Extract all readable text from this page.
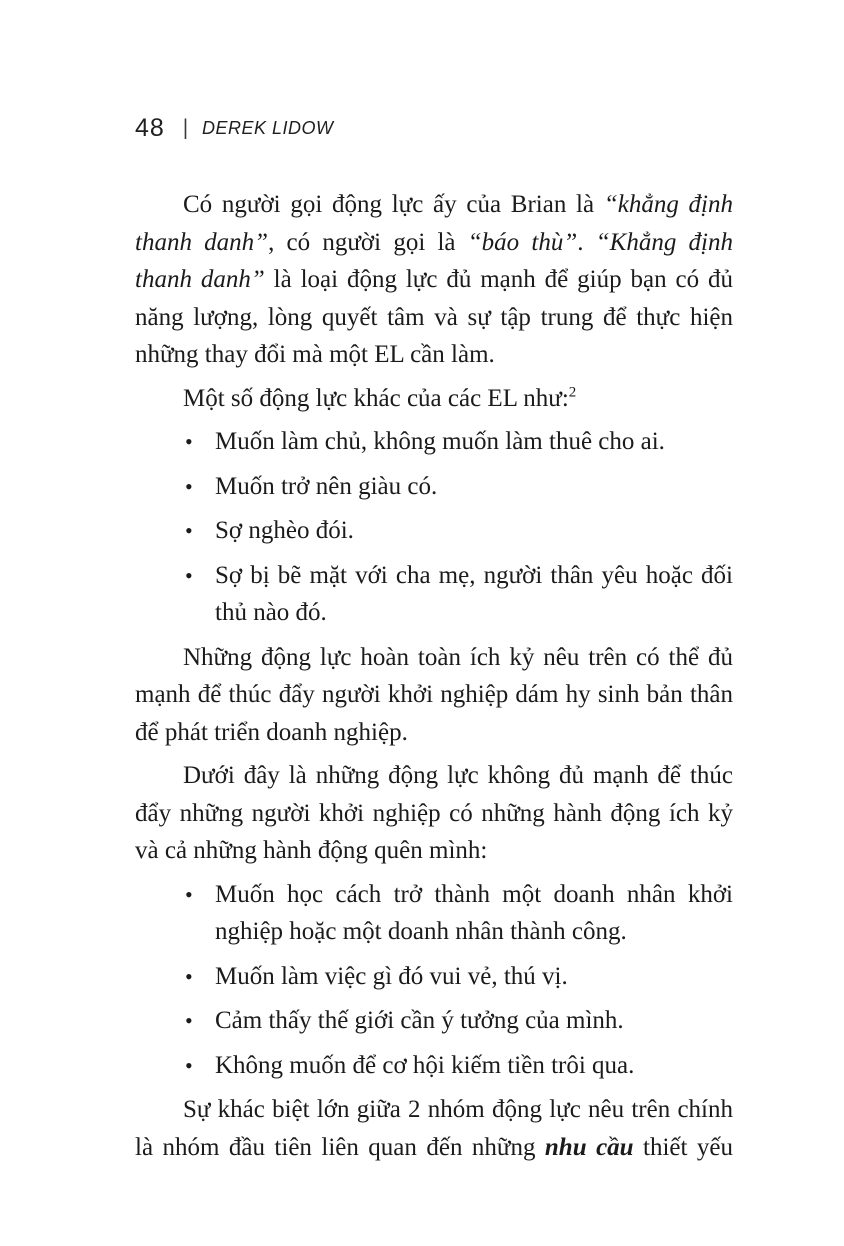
48 | DEREK LIDOW

Có người gọi động lực ấy của Brian là “khẳng định thanh danh”, có người gọi là “báo thù”. “Khẳng định thanh danh” là loại động lực đủ mạnh để giúp bạn có đủ năng lượng, lòng quyết tâm và sự tập trung để thực hiện những thay đổi mà một EL cần làm.

Một số động lực khác của các EL như:$^2$

• Muốn làm chủ, không muốn làm thuê cho ai.
• Muốn trở nên giàu có.
• Sợ nghèo đói.
• Sợ bị bẽ mặt với cha mẹ, người thân yêu hoặc đối thủ nào đó.

Những động lực hoàn toàn ích kỷ nêu trên có thể đủ mạnh để thúc đẩy người khởi nghiệp dám hy sinh bản thân để phát triển doanh nghiệp.

Dưới đây là những động lực không đủ mạnh để thúc đẩy những người khởi nghiệp có những hành động ích kỷ và cả những hành động quên mình:

• Muốn học cách trở thành một doanh nhân khởi nghiệp hoặc một doanh nhân thành công.
• Muốn làm việc gì đó vui vẻ, thú vị.
• Cảm thấy thế giới cần ý tưởng của mình.
• Không muốn để cơ hội kiếm tiền trôi qua.

Sự khác biệt lớn giữa 2 nhóm động lực nêu trên chính là nhóm đầu tiên liên quan đến những nhu cầu thiết yếu
